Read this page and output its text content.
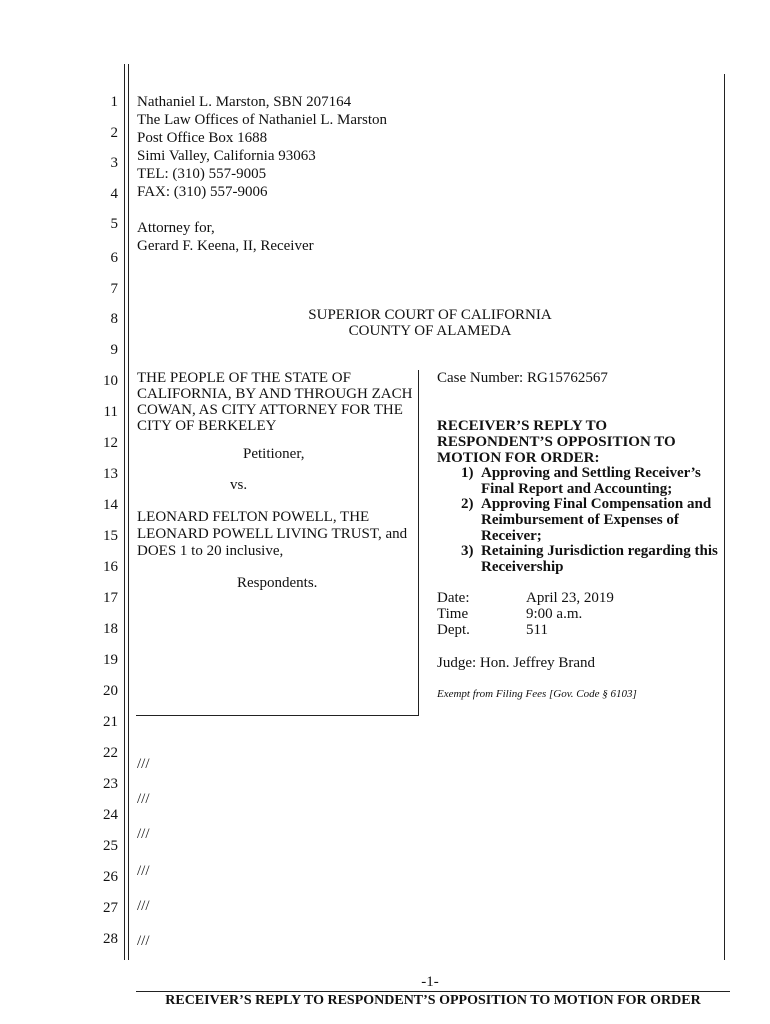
1
2
3
4
5
6
7
8
9
10
11
12
13
14
15
16
17
18
19
20
21
22
23
24
25
26
27
28
Nathaniel L. Marston, SBN 207164
The Law Offices of Nathaniel L. Marston
Post Office Box 1688
Simi Valley, California 93063
TEL: (310) 557-9005
FAX: (310) 557-9006
Attorney for,
Gerard F. Keena, II, Receiver
SUPERIOR COURT OF CALIFORNIA
COUNTY OF ALAMEDA
THE PEOPLE OF THE STATE OF
CALIFORNIA, BY AND THROUGH ZACH
COWAN, AS CITY ATTORNEY FOR THE
CITY OF BERKELEY
Petitioner,
vs.
LEONARD FELTON POWELL, THE
LEONARD POWELL LIVING TRUST, and
DOES 1 to 20 inclusive,
Respondents.
Case Number: RG15762567
RECEIVER’S REPLY TO
RESPONDENT’S OPPOSITION TO
MOTION FOR ORDER:
1) Approving and Settling Receiver’s
Final Report and Accounting;
2) Approving Final Compensation and
Reimbursement of Expenses of
Receiver;
3) Retaining Jurisdiction regarding this
Receivership
Date:	April 23, 2019
Time	9:00 a.m.
Dept.	511
Judge: Hon. Jeffrey Brand
Exempt from Filing Fees [Gov. Code § 6103]
///
///
///
///
///
///
-1-
RECEIVER’S REPLY TO RESPONDENT’S OPPOSITION TO MOTION FOR ORDER
